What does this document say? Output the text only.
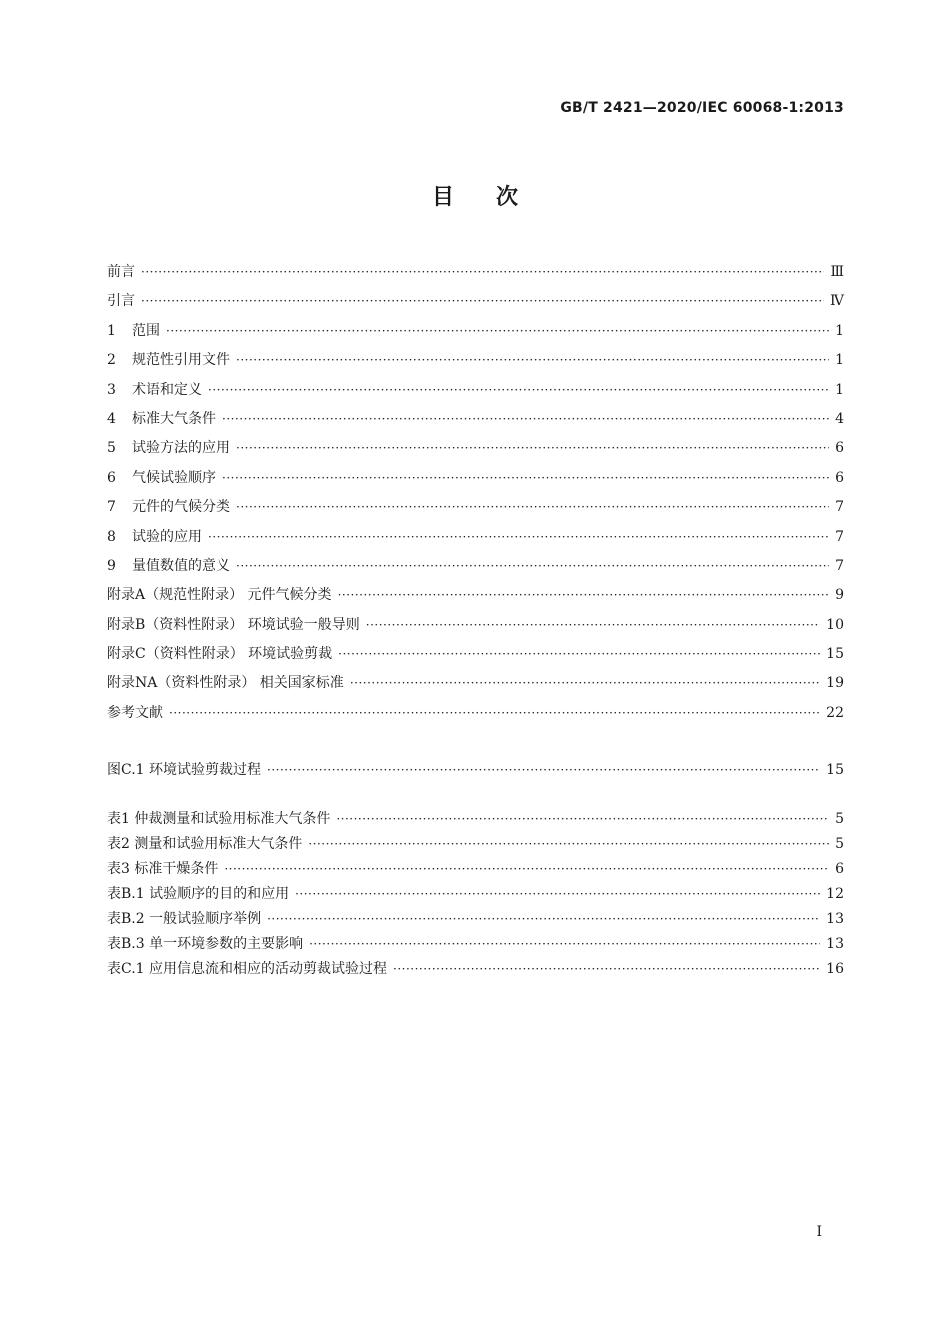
GB/T 2421—2020/IEC 60068-1:2013
目次
前言 ·····	Ⅲ
引言 ·····	Ⅳ
1 范围 ·····	1
2 规范性引用文件 ·····	1
3 术语和定义 ·····	1
4 标准大气条件 ·····	4
5 试验方法的应用 ·····	6
6 气候试验顺序 ·····	6
7 元件的气候分类 ·····	7
8 试验的应用 ·····	7
9 量值数值的意义 ·····	7
附录A（规范性附录） 元件气候分类 ·····	9
附录B（资料性附录） 环境试验一般导则 ·····	10
附录C（资料性附录） 环境试验剪裁 ·····	15
附录NA（资料性附录） 相关国家标准 ·····	19
参考文献 ·····	22
图C.1 环境试验剪裁过程 ·····	15
表1 仲裁测量和试验用标准大气条件 ·····	5
表2 测量和试验用标准大气条件 ·····	5
表3 标准干燥条件 ·····	6
表B.1 试验顺序的目的和应用 ·····	12
表B.2 一般试验顺序举例 ·····	13
表B.3 单一环境参数的主要影响 ·····	13
表C.1 应用信息流和相应的活动剪裁试验过程 ·····	16
I
